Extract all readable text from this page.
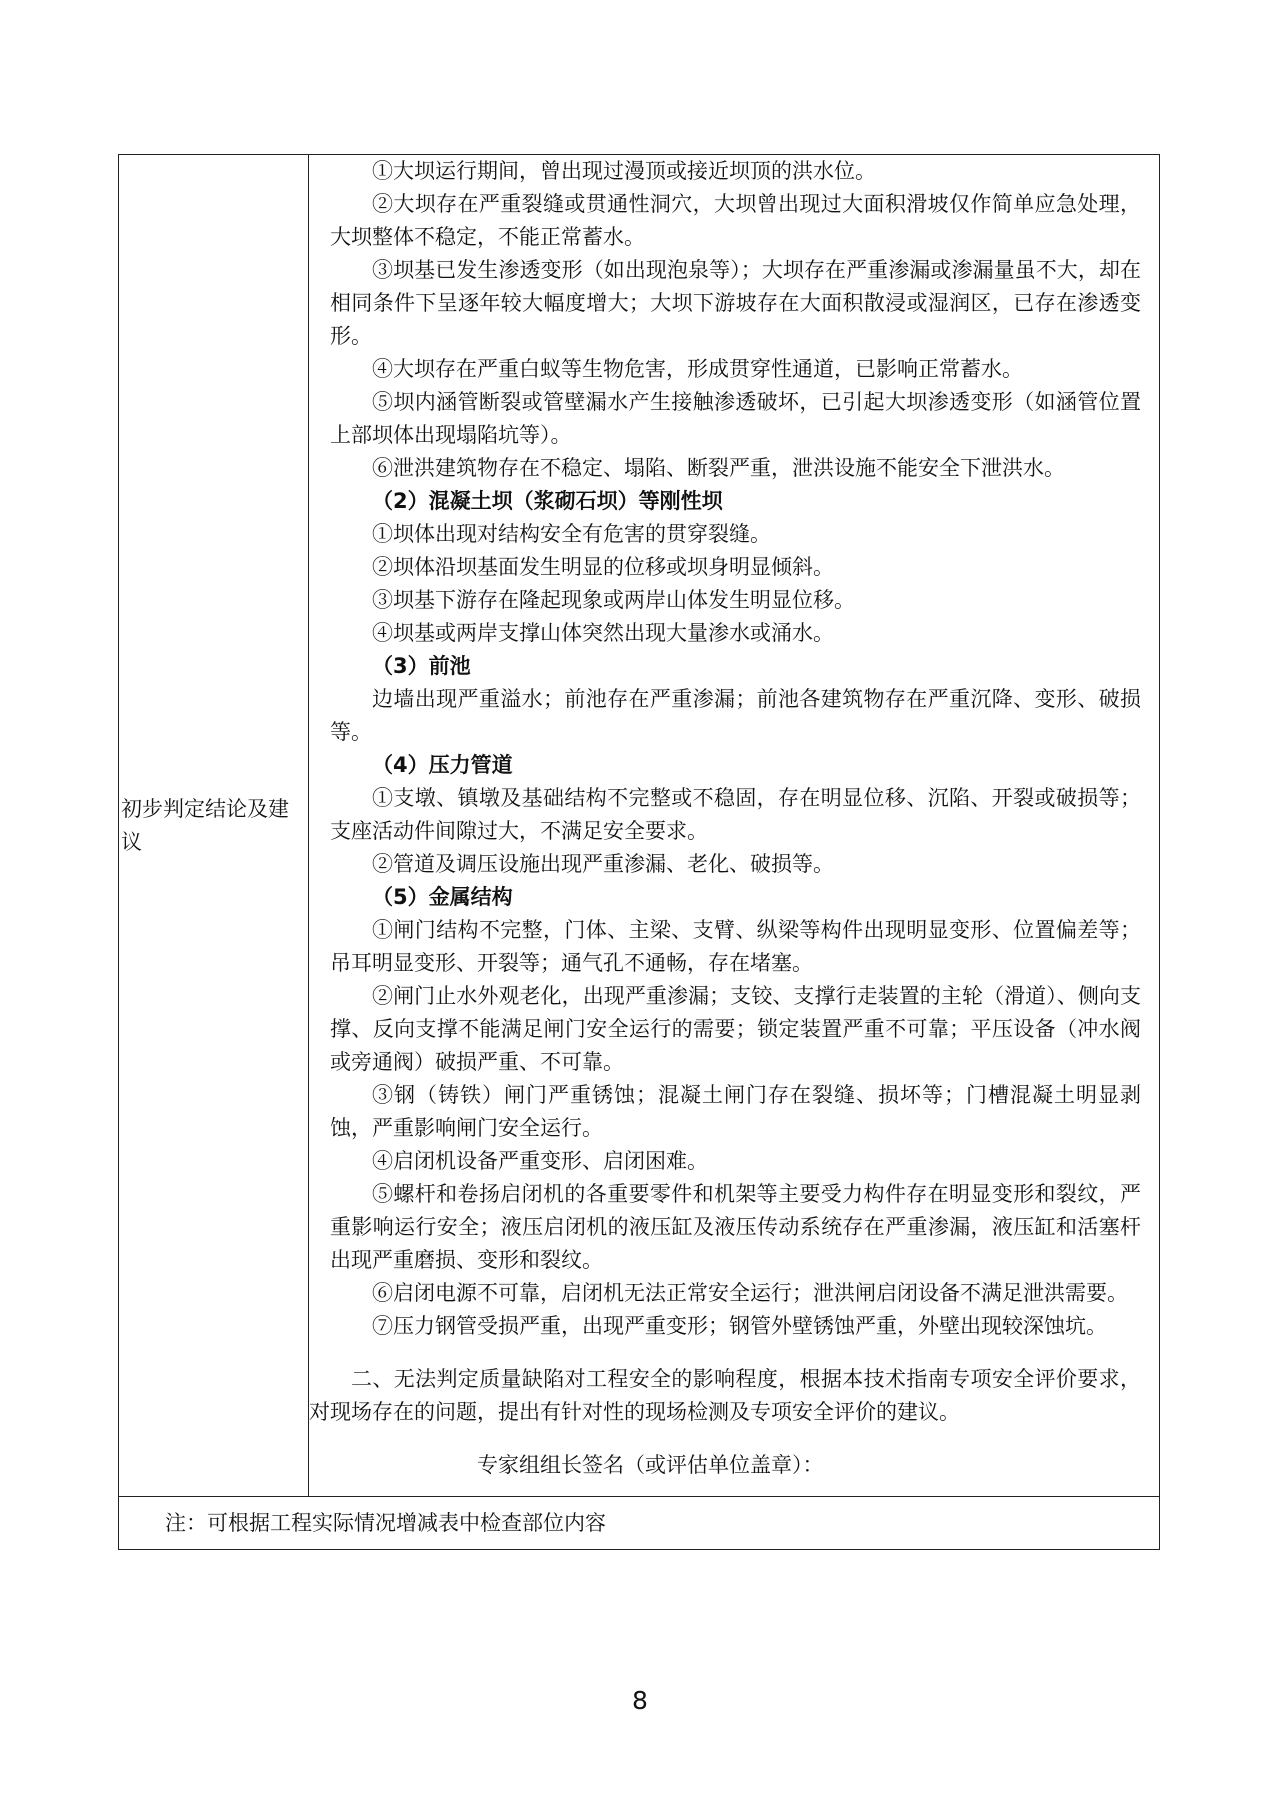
初步判定结论及建议

①大坝运行期间，曾出现过漫顶或接近坝顶的洪水位。

②大坝存在严重裂缝或贯通性洞穴，大坝曾出现过大面积滑坡仅作简单应急处理，大坝整体不稳定，不能正常蓄水。

③坝基已发生渗透变形（如出现泡泉等）；大坝存在严重渗漏或渗漏量虽不大，却在相同条件下呈逐年较大幅度增大；大坝下游坡存在大面积散浸或湿润区，已存在渗透变形。

④大坝存在严重白蚁等生物危害，形成贯穿性通道，已影响正常蓄水。

⑤坝内涵管断裂或管壁漏水产生接触渗透破坏，已引起大坝渗透变形（如涵管位置上部坝体出现塌陷坑等）。

⑥泄洪建筑物存在不稳定、塌陷、断裂严重，泄洪设施不能安全下泄洪水。

（2）混凝土坝（浆砌石坝）等刚性坝

①坝体出现对结构安全有危害的贯穿裂缝。

②坝体沿坝基面发生明显的位移或坝身明显倾斜。

③坝基下游存在隆起现象或两岸山体发生明显位移。

④坝基或两岸支撑山体突然出现大量渗水或涌水。

（3）前池

边墙出现严重溢水；前池存在严重渗漏；前池各建筑物存在严重沉降、变形、破损等。

（4）压力管道

①支墩、镇墩及基础结构不完整或不稳固，存在明显位移、沉陷、开裂或破损等；支座活动件间隙过大，不满足安全要求。

②管道及调压设施出现严重渗漏、老化、破损等。

（5）金属结构

①闸门结构不完整，门体、主梁、支臂、纵梁等构件出现明显变形、位置偏差等；吊耳明显变形、开裂等；通气孔不通畅，存在堵塞。

②闸门止水外观老化，出现严重渗漏；支铰、支撑行走装置的主轮（滑道）、侧向支撑、反向支撑不能满足闸门安全运行的需要；锁定装置严重不可靠；平压设备（冲水阀或旁通阀）破损严重、不可靠。

③钢（铸铁）闸门严重锈蚀；混凝土闸门存在裂缝、损坏等；门槽混凝土明显剥蚀，严重影响闸门安全运行。

④启闭机设备严重变形、启闭困难。

⑤螺杆和卷扬启闭机的各重要零件和机架等主要受力构件存在明显变形和裂纹，严重影响运行安全；液压启闭机的液压缸及液压传动系统存在严重渗漏，液压缸和活塞杆出现严重磨损、变形和裂纹。

⑥启闭电源不可靠，启闭机无法正常安全运行；泄洪闸启闭设备不满足泄洪需要。

⑦压力钢管受损严重，出现严重变形；钢管外壁锈蚀严重，外壁出现较深蚀坑。

二、无法判定质量缺陷对工程安全的影响程度，根据本技术指南专项安全评价要求，对现场存在的问题，提出有针对性的现场检测及专项安全评价的建议。

专家组组长签名（或评估单位盖章）：

注：可根据工程实际情况增减表中检查部位内容
8
